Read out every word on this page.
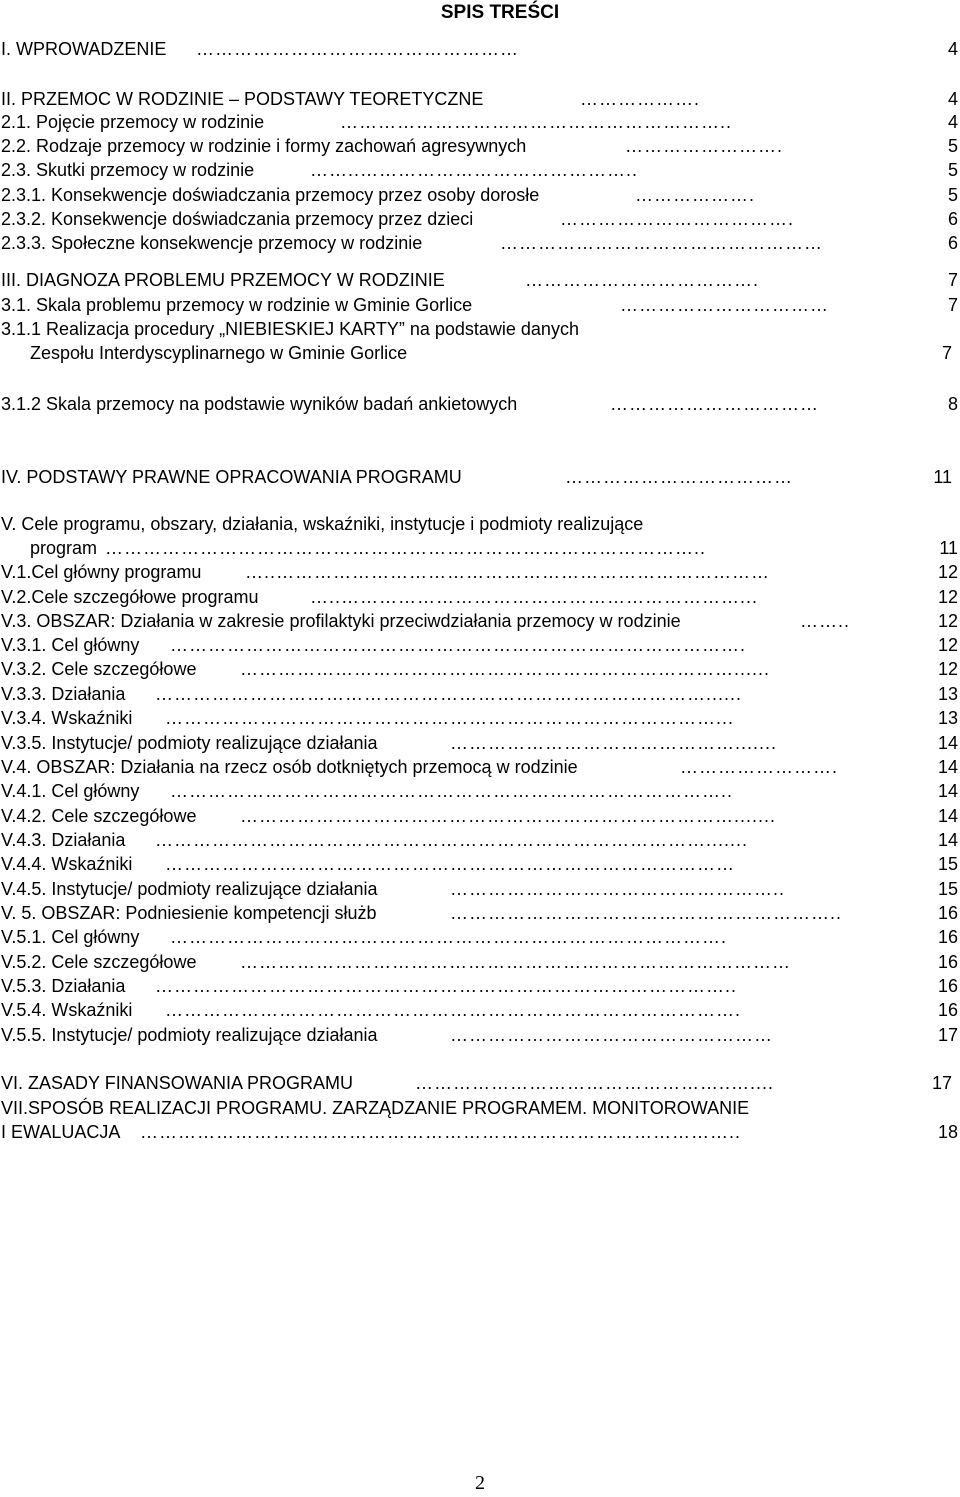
SPIS TREŚCI
I. WPROWADZENIE ……………………………………………	4
II. PRZEMOC W RODZINIE – PODSTAWY TEORETYCZNE	……………….	4
2.1. Pojęcie przemocy w rodzinie	……………………………………………………..	4
2.2. Rodzaje przemocy w rodzinie i formy zachowań agresywnych	…………………….	5
2.3. Skutki przemocy w rodzinie	……..……………………………………..	5
2.3.1. Konsekwencje doświadczania przemocy przez osoby dorosłe	……………….	5
2.3.2. Konsekwencje doświadczania przemocy przez dzieci	……………………………….	6
2.3.3. Społeczne konsekwencje przemocy w rodzinie	……………………………………………	6
III. DIAGNOZA PROBLEMU PRZEMOCY W RODZINIE	……………………………….	7
3.1. Skala problemu przemocy w rodzinie w Gminie Gorlice	……………………………	7
3.1.1 Realizacja procedury „NIEBIESKIEJ KARTY” na podstawie danych
Zespołu Interdyscyplinarnego w Gminie Gorlice	7
3.1.2 Skala przemocy na podstawie wyników badań ankietowych	……………………………	8
IV. PODSTAWY PRAWNE OPRACOWANIA PROGRAMU	………………………………	11
V. Cele programu, obszary, działania, wskaźniki, instytucje i podmioty realizujące
program …………………………………………………………………………………..	11
V.1.Cel główny programu …..……………………………………………………………………	12
V.2.Cele szczegółowe programu	…..………………………………………………………...	12
V.3. OBSZAR: Działania w zakresie profilaktyki przeciwdziałania przemocy w rodzinie	……..	12
V.3.1. Cel główny ……………………………………………………………………………….	12
V.3.2. Cele szczegółowe ……………………………………………………………………......	12
V.3.3. Działania ……………………………………………………………………………......	13
V.3.4. Wskaźniki ……………………………………………………………………………...	13
V.3.5. Instytucje/ podmioty realizujące działania	……………………………………….......	14
V.4. OBSZAR: Działania na rzecz osób dotkniętych przemocą w rodzinie	…………………….	14
V.4.1. Cel główny ……………………………………………………………………………..	14
V.4.2. Cele szczegółowe …………………………………………………………………….......	14
V.4.3. Działania …………………………………………………………………………….......	14
V.4.4. Wskaźniki ………………………………………………………………………………	15
V.4.5. Instytucje/ podmioty realizujące działania	……………………………………………..	15
V. 5. OBSZAR: Podniesienie kompetencji służb	……………………………………………………..	16
V.5.1. Cel główny …………………………………………………………………………….	16
V.5.2. Cele szczegółowe ……………………………………………………………………………	16
V.5.3. Działania ………………………………………………………………………………..	16
V.5.4. Wskaźniki ……………………………………………………………………………….	16
V.5.5. Instytucje/ podmioty realizujące działania	……………………………………………	17
VI. ZASADY FINANSOWANIA PROGRAMU	…………………………………………..…....	17
VII.SPOSÓB REALIZACJI PROGRAMU. ZARZĄDZANIE PROGRAMEM. MONITOROWANIE
I EWALUACJA …………………………………………………………………………………..	18
2
